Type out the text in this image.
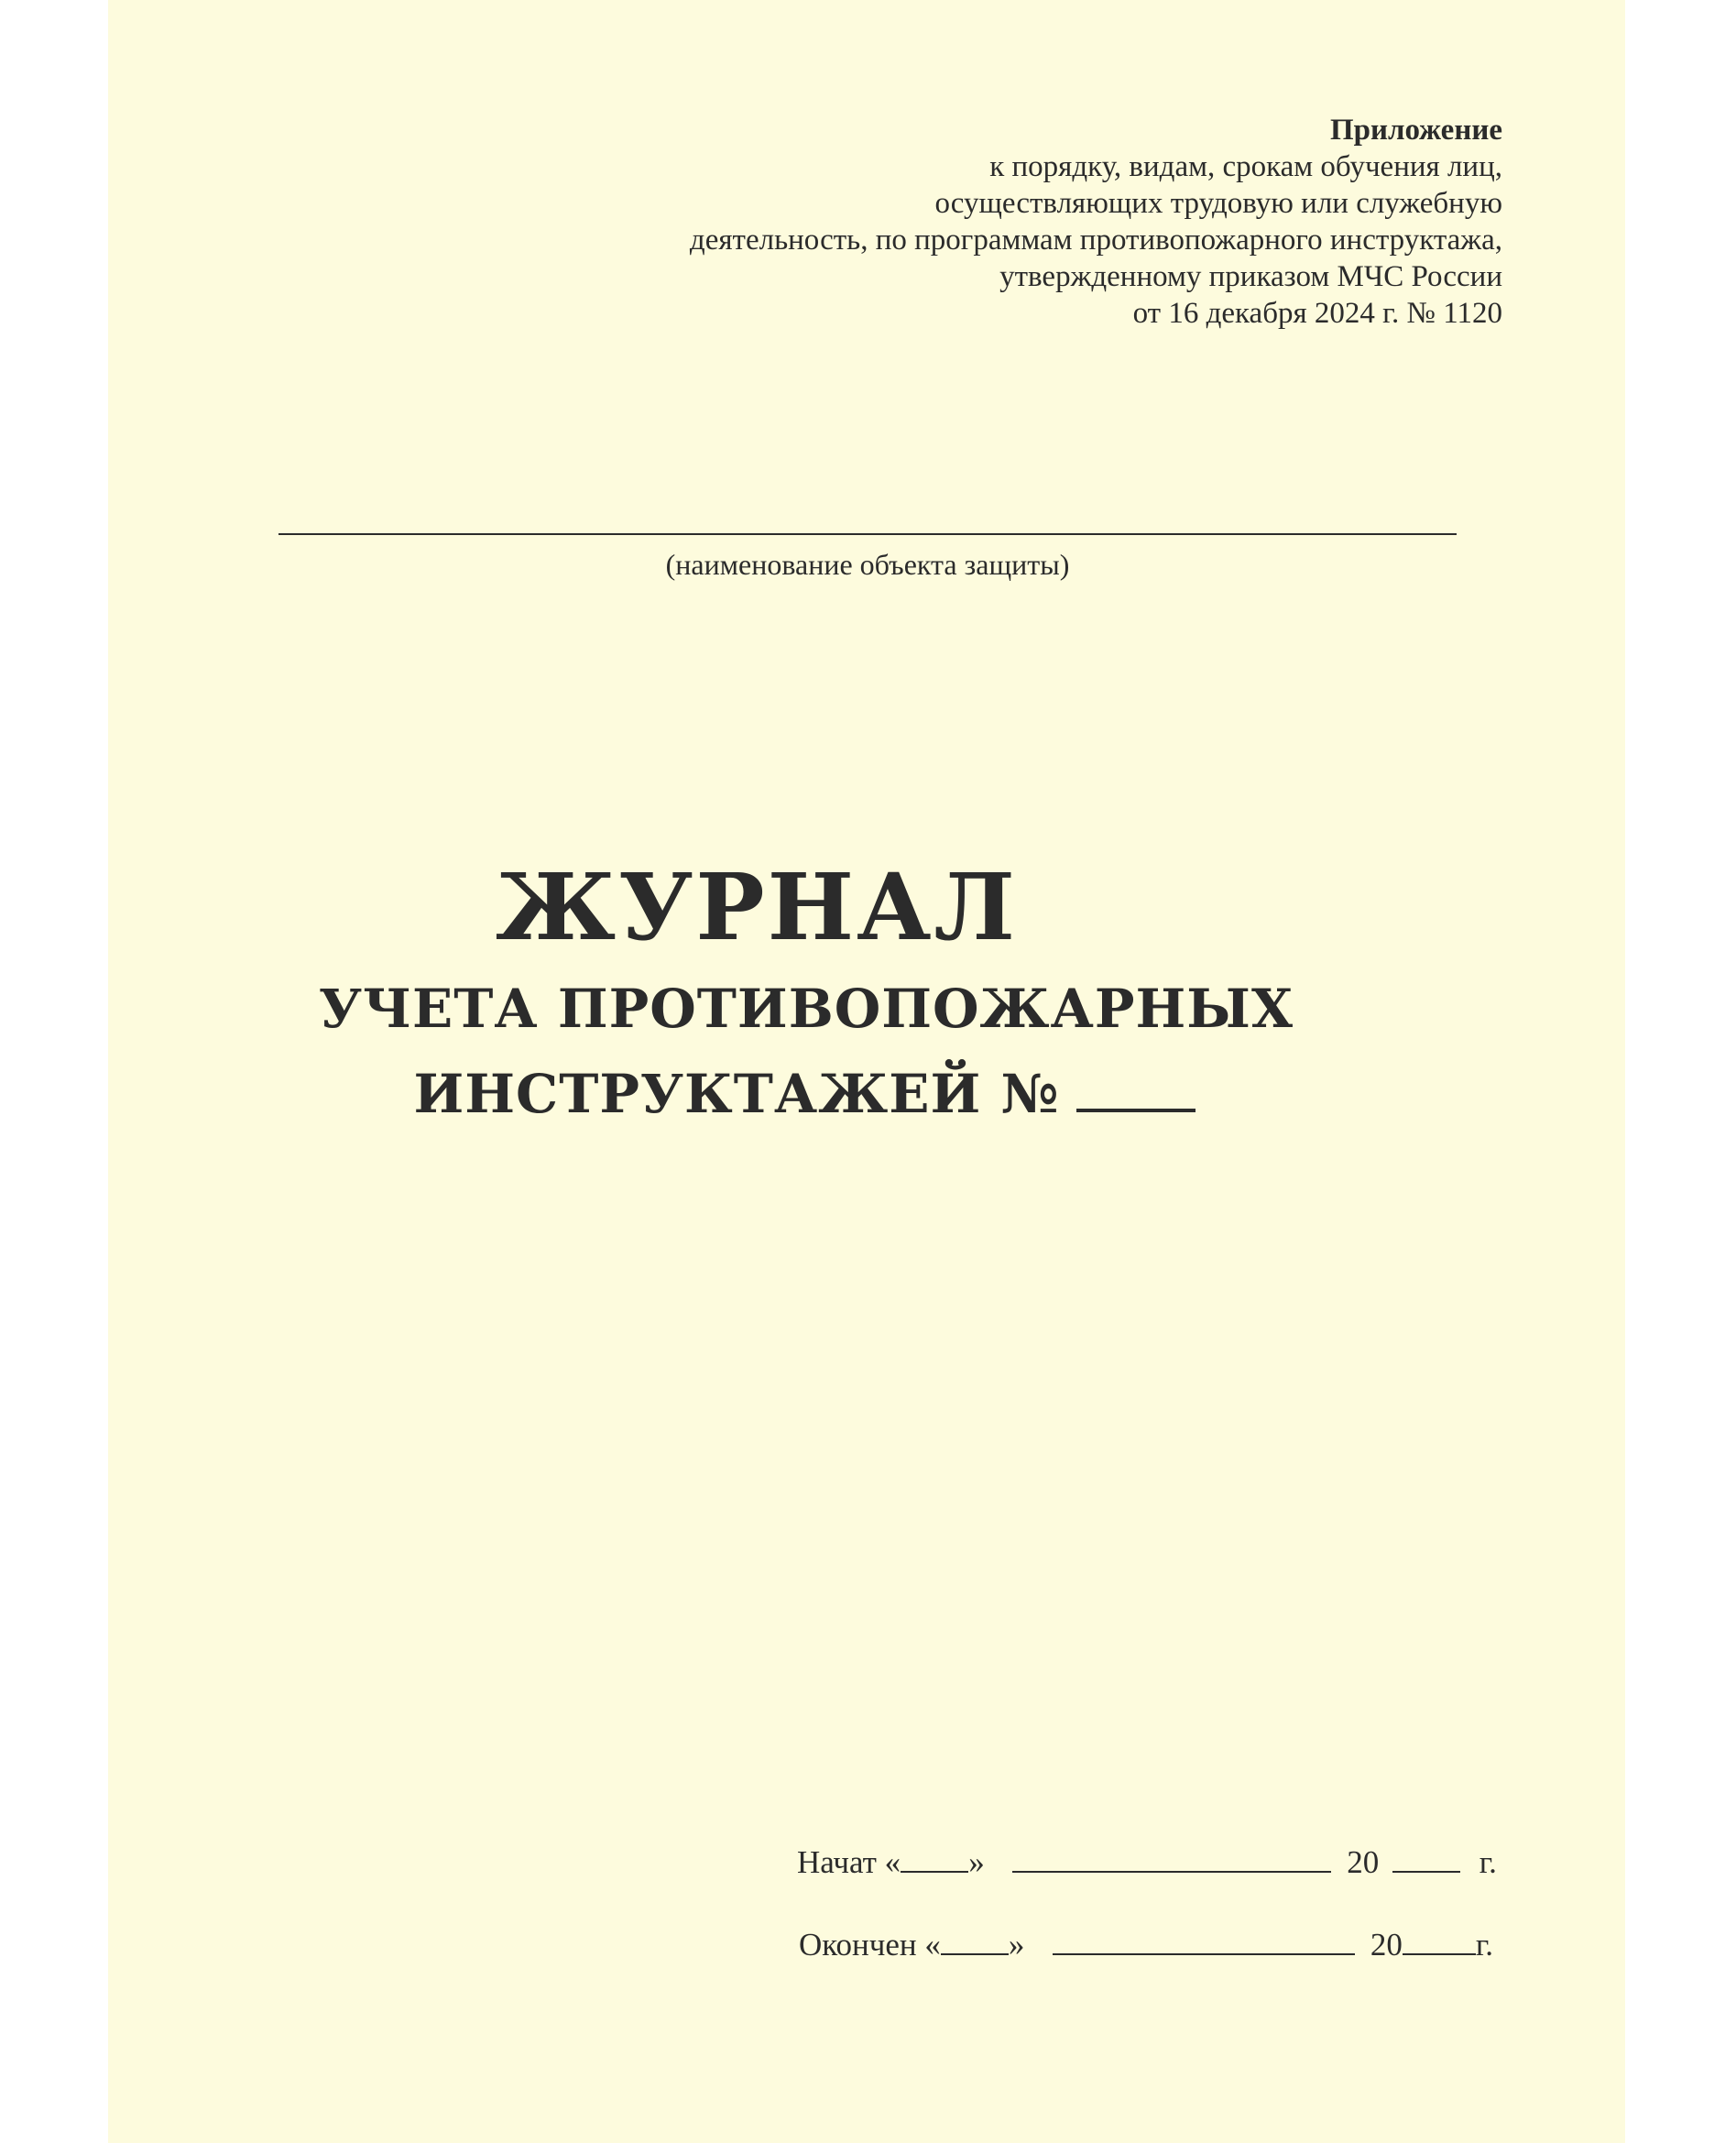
Приложение
к порядку, видам, срокам обучения лиц,
осуществляющих трудовую или служебную
деятельность, по программам противопожарного инструктажа,
утвержденному приказом МЧС России
от 16 декабря 2024 г. № 1120
(наименование объекта защиты)
ЖУРНАЛ
УЧЕТА ПРОТИВОПОЖАРНЫХ
ИНСТРУКТАЖЕЙ №
Начат « »	20	г.
Окончен « »	20 г.
